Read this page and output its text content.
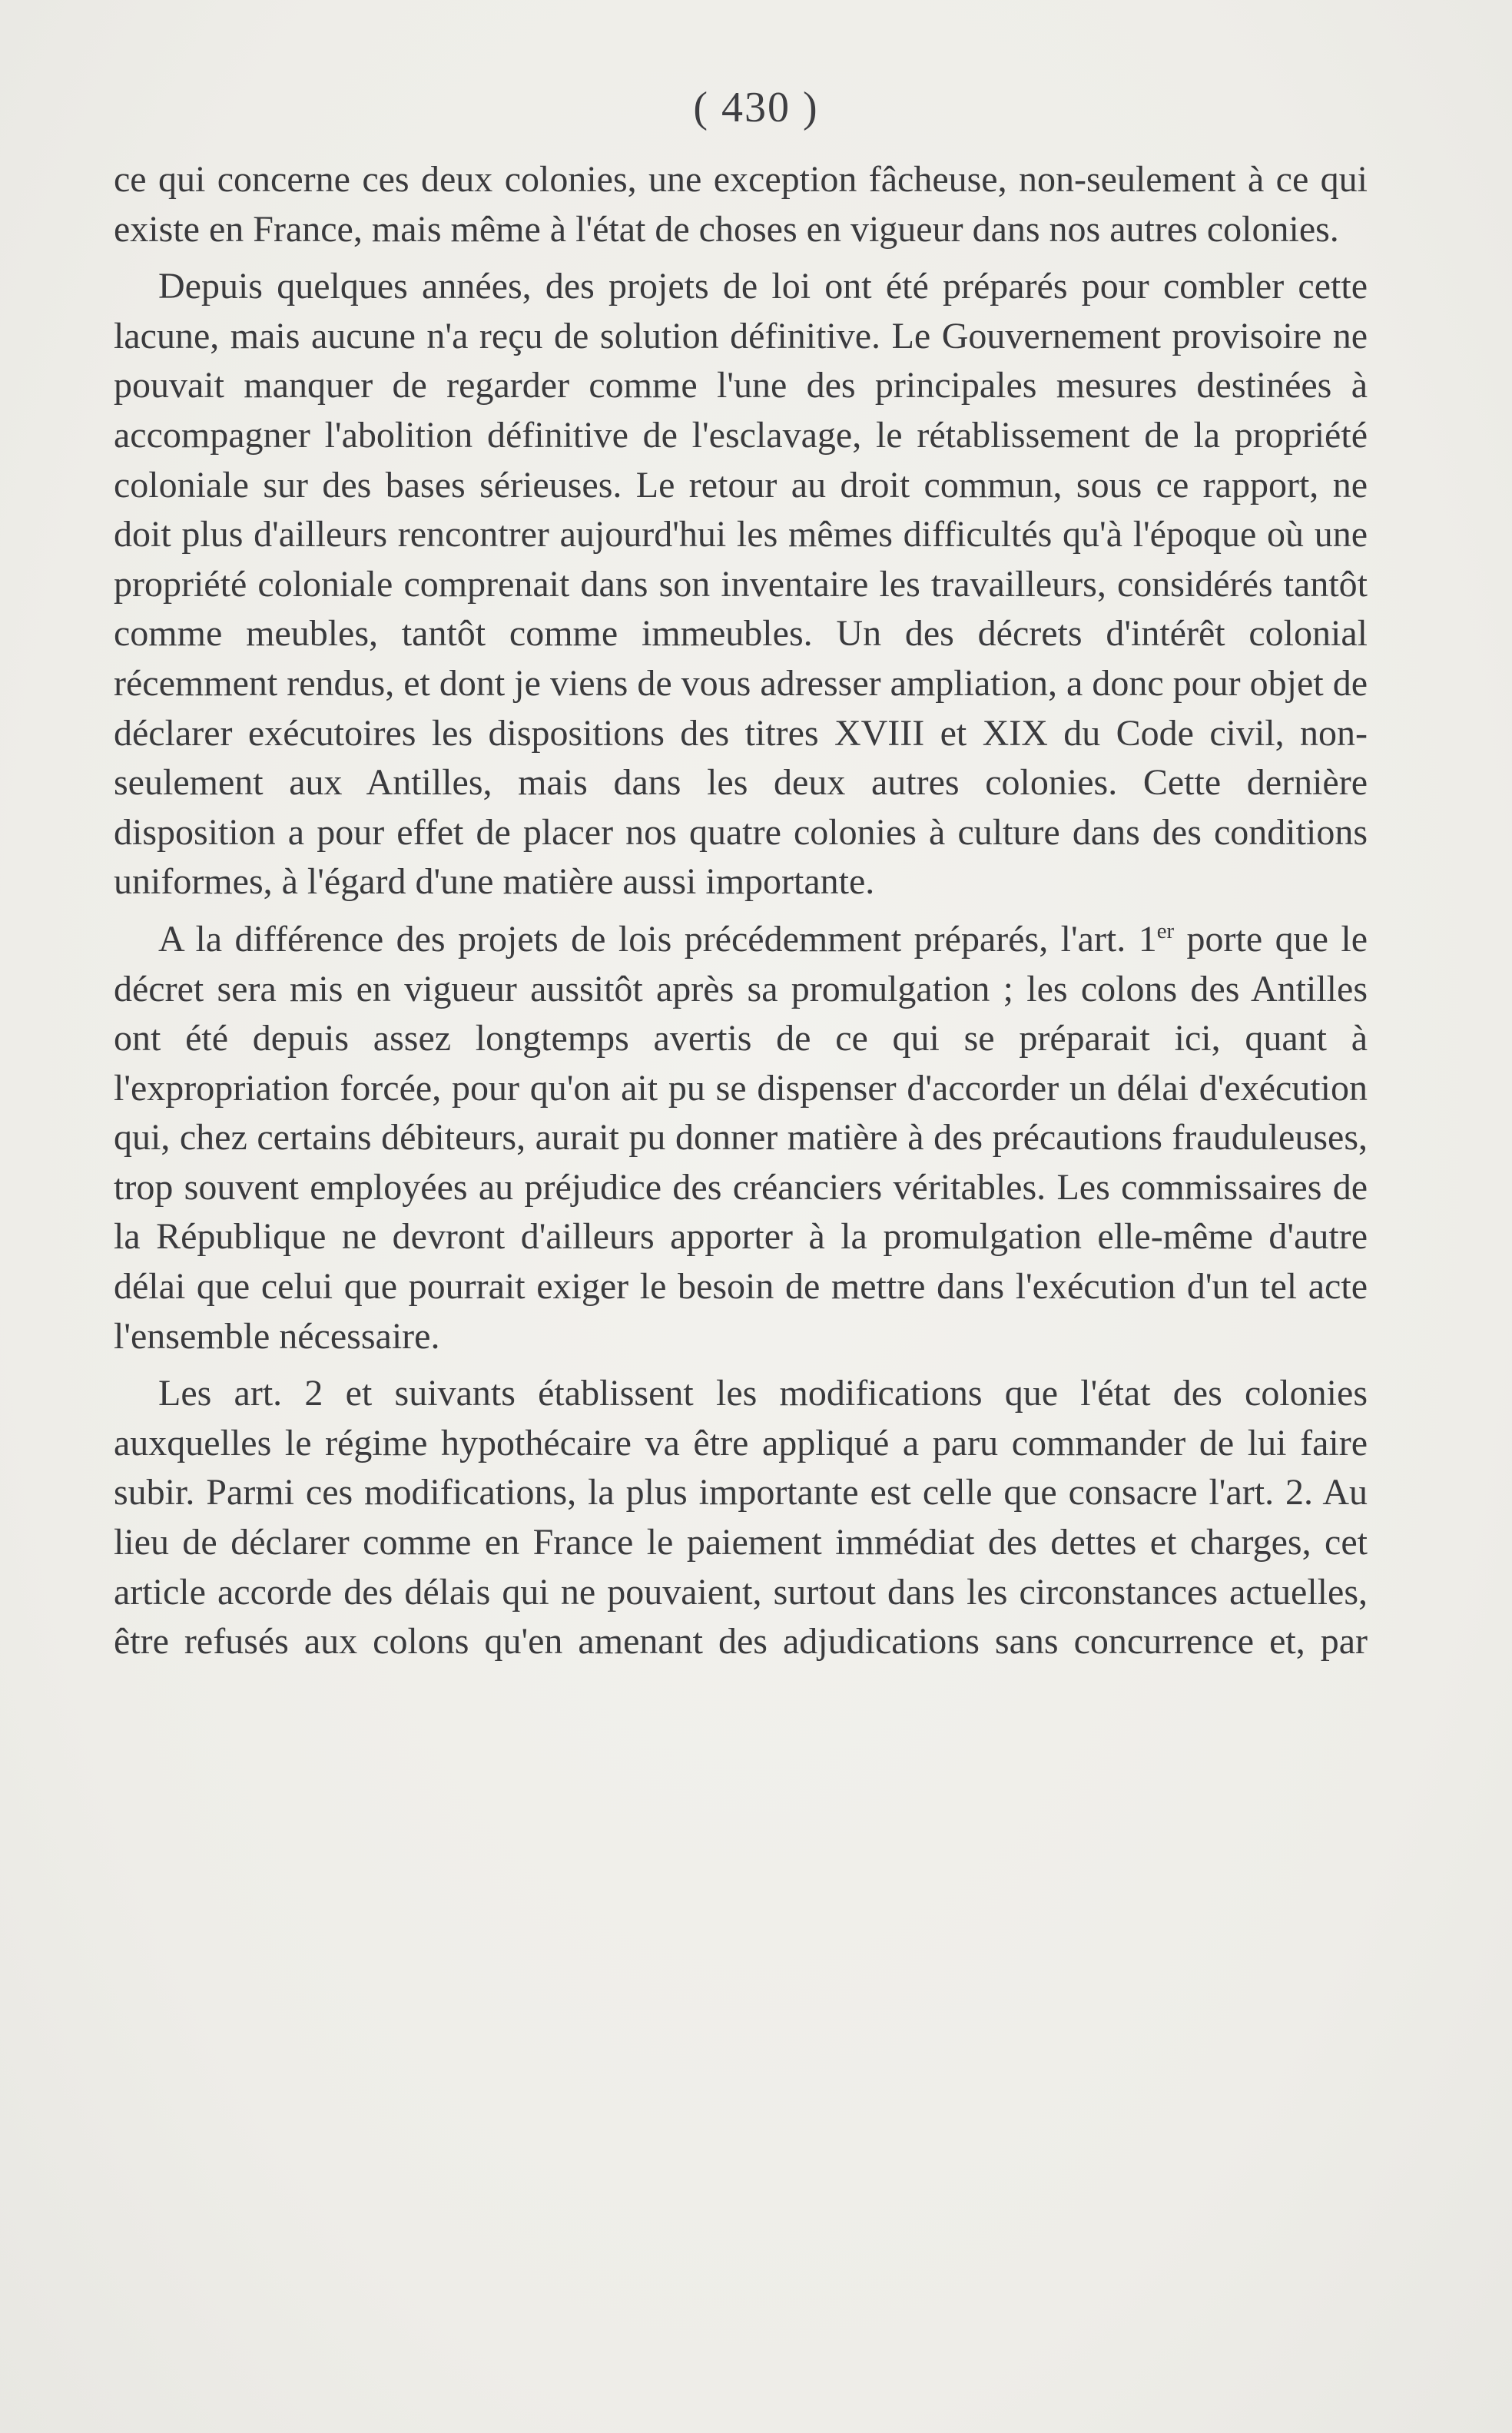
( 430 )

ce qui concerne ces deux colonies, une exception fâcheuse, non-seulement à ce qui existe en France, mais même à l'état de choses en vigueur dans nos autres colonies.

Depuis quelques années, des projets de loi ont été préparés pour combler cette lacune, mais aucune n'a reçu de solution définitive. Le Gouvernement provisoire ne pouvait manquer de regarder comme l'une des principales mesures destinées à accompagner l'abolition définitive de l'esclavage, le rétablissement de la propriété coloniale sur des bases sérieuses. Le retour au droit commun, sous ce rapport, ne doit plus d'ailleurs rencontrer aujourd'hui les mêmes difficultés qu'à l'époque où une propriété coloniale comprenait dans son inventaire les travailleurs, considérés tantôt comme meubles, tantôt comme immeubles. Un des décrets d'intérêt colonial récemment rendus, et dont je viens de vous adresser ampliation, a donc pour objet de déclarer exécutoires les dispositions des titres XVIII et XIX du Code civil, non-seulement aux Antilles, mais dans les deux autres colonies. Cette dernière disposition a pour effet de placer nos quatre colonies à culture dans des conditions uniformes, à l'égard d'une matière aussi importante.

A la différence des projets de lois précédemment préparés, l'art. 1er porte que le décret sera mis en vigueur aussitôt après sa promulgation ; les colons des Antilles ont été depuis assez longtemps avertis de ce qui se préparait ici, quant à l'expropriation forcée, pour qu'on ait pu se dispenser d'accorder un délai d'exécution qui, chez certains débiteurs, aurait pu donner matière à des précautions frauduleuses, trop souvent employées au préjudice des créanciers véritables. Les commissaires de la République ne devront d'ailleurs apporter à la promulgation elle-même d'autre délai que celui que pourrait exiger le besoin de mettre dans l'exécution d'un tel acte l'ensemble nécessaire.

Les art. 2 et suivants établissent les modifications que l'état des colonies auxquelles le régime hypothécaire va être appliqué a paru commander de lui faire subir. Parmi ces modifications, la plus importante est celle que consacre l'art. 2. Au lieu de déclarer comme en France le paiement immédiat des dettes et charges, cet article accorde des délais qui ne pouvaient, surtout dans les circonstances actuelles, être refusés aux colons qu'en amenant des adjudications sans concurrence et, par
